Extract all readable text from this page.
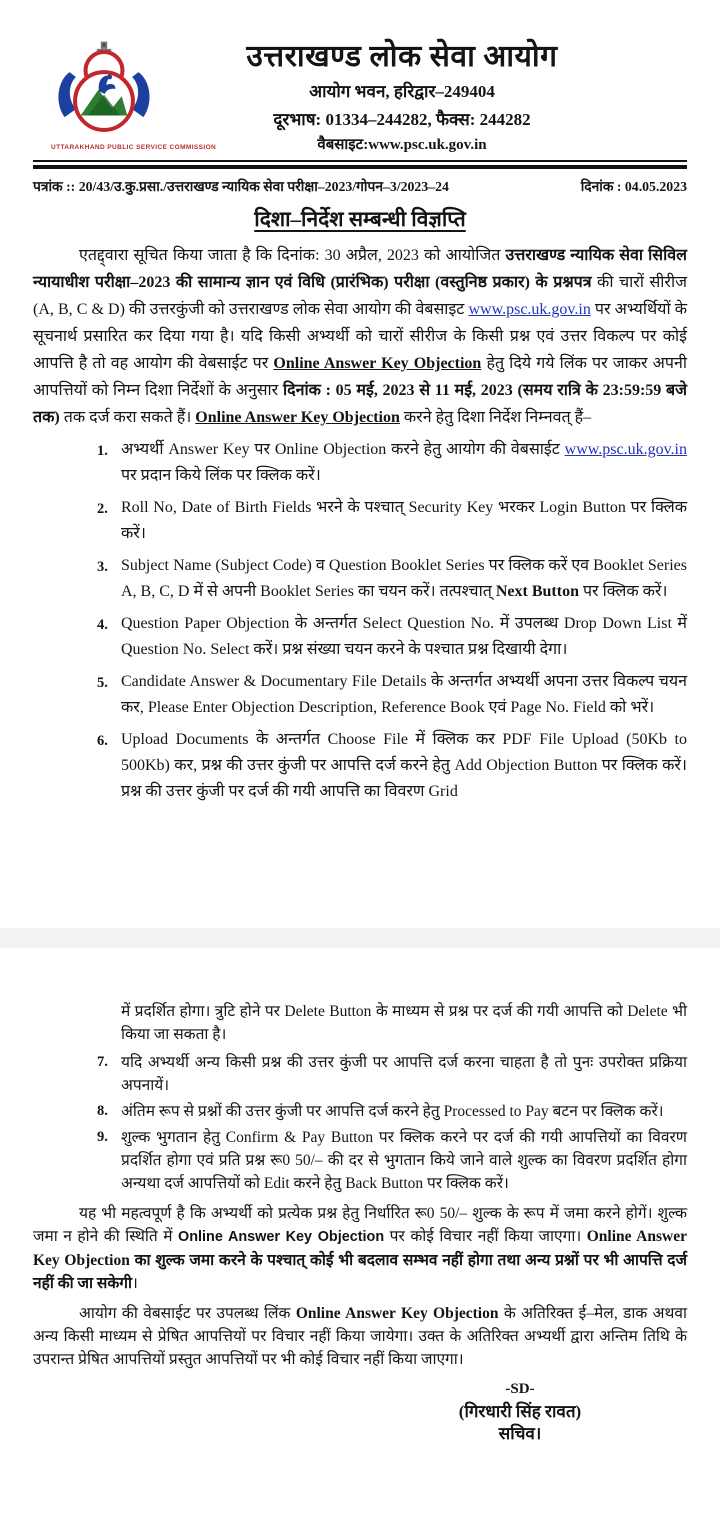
UTTARAKHAND PUBLIC SERVICE COMMISSION
उत्तराखण्ड लोक सेवा आयोग
आयोग भवन, हरिद्वार–249404
दूरभाष: 01334–244282, फैक्स: 244282
वैबसाइट:www.psc.uk.gov.in
पत्रांक :: 20/43/उ.कु.प्रसा./उत्तराखण्ड न्यायिक सेवा परीक्षा–2023/गोपन–3/2023–24	दिनांक : 04.05.2023
दिशा–निर्देश सम्बन्धी विज्ञप्ति

एतद्द्वारा सूचित किया जाता है कि दिनांक: 30 अप्रैल, 2023 को आयोजित उत्तराखण्ड न्यायिक सेवा सिविल न्यायाधीश परीक्षा–2023 की सामान्य ज्ञान एवं विधि (प्रारंभिक) परीक्षा (वस्तुनिष्ठ प्रकार) के प्रश्नपत्र की चारों सीरीज (A, B, C & D) की उत्तरकुंजी को उत्तराखण्ड लोक सेवा आयोग की वेबसाइट www.psc.uk.gov.in पर अभ्यर्थियों के सूचनार्थ प्रसारित कर दिया गया है। यदि किसी अभ्यर्थी को चारों सीरीज के किसी प्रश्न एवं उत्तर विकल्प पर कोई आपत्ति है तो वह आयोग की वेबसाईट पर Online Answer Key Objection हेतु दिये गये लिंक पर जाकर अपनी आपत्तियों को निम्न दिशा निर्देशों के अनुसार दिनांक : 05 मई, 2023 से 11 मई, 2023 (समय रात्रि के 23:59:59 बजे तक) तक दर्ज करा सकते हैं। Online Answer Key Objection करने हेतु दिशा निर्देश निम्नवत् हैं–

1. अभ्यर्थी Answer Key पर Online Objection करने हेतु आयोग की वेबसाईट www.psc.uk.gov.in पर प्रदान किये लिंक पर क्लिक करें।
2. Roll No, Date of Birth Fields भरने के पश्चात् Security Key भरकर Login Button पर क्लिक करें।
3. Subject Name (Subject Code) व Question Booklet Series पर क्लिक करें एव Booklet Series A, B, C, D में से अपनी Booklet Series का चयन करें। तत्पश्चात् Next Button पर क्लिक करें।
4. Question Paper Objection के अन्तर्गत Select Question No. में उपलब्ध Drop Down List में Question No. Select करें। प्रश्न संख्या चयन करने के पश्चात प्रश्न दिखायी देगा।
5. Candidate Answer & Documentary File Details के अन्तर्गत अभ्यर्थी अपना उत्तर विकल्प चयन कर, Please Enter Objection Description, Reference Book एवं Page No. Field को भरें।
6. Upload Documents के अन्तर्गत Choose File में क्लिक कर PDF File Upload (50Kb to 500Kb) कर, प्रश्न की उत्तर कुंजी पर आपत्ति दर्ज करने हेतु Add Objection Button पर क्लिक करें। प्रश्न की उत्तर कुंजी पर दर्ज की गयी आपत्ति का विवरण Grid

में प्रदर्शित होगा। त्रुटि होने पर Delete Button के माध्यम से प्रश्न पर दर्ज की गयी आपत्ति को Delete भी किया जा सकता है।

7. यदि अभ्यर्थी अन्य किसी प्रश्न की उत्तर कुंजी पर आपत्ति दर्ज करना चाहता है तो पुनः उपरोक्त प्रक्रिया अपनायें।
8. अंतिम रूप से प्रश्नों की उत्तर कुंजी पर आपत्ति दर्ज करने हेतु Processed to Pay बटन पर क्लिक करें।
9. शुल्क भुगतान हेतु Confirm & Pay Button पर क्लिक करने पर दर्ज की गयी आपत्तियों का विवरण प्रदर्शित होगा एवं प्रति प्रश्न रू0 50/– की दर से भुगतान किये जाने वाले शुल्क का विवरण प्रदर्शित होगा अन्यथा दर्ज आपत्तियों को Edit करने हेतु Back Button पर क्लिक करें।

यह भी महत्वपूर्ण है कि अभ्यर्थी को प्रत्येक प्रश्न हेतु निर्धारित रू0 50/– शुल्क के रूप में जमा करने होगें। शुल्क जमा न होने की स्थिति में Online Answer Key Objection पर कोई विचार नहीं किया जाएगा। Online Answer Key Objection का शुल्क जमा करने के पश्चात् कोई भी बदलाव सम्भव नहीं होगा तथा अन्य प्रश्नों पर भी आपत्ति दर्ज नहीं की जा सकेगी।

आयोग की वेबसाईट पर उपलब्ध लिंक Online Answer Key Objection के अतिरिक्त ई–मेल, डाक अथवा अन्य किसी माध्यम से प्रेषित आपत्तियों पर विचार नहीं किया जायेगा। उक्त के अतिरिक्त अभ्यर्थी द्वारा अन्तिम तिथि के उपरान्त प्रेषित आपत्तियों प्रस्तुत आपत्तियों पर भी कोई विचार नहीं किया जाएगा।

-SD-
(गिरधारी सिंह रावत)
सचिव।
